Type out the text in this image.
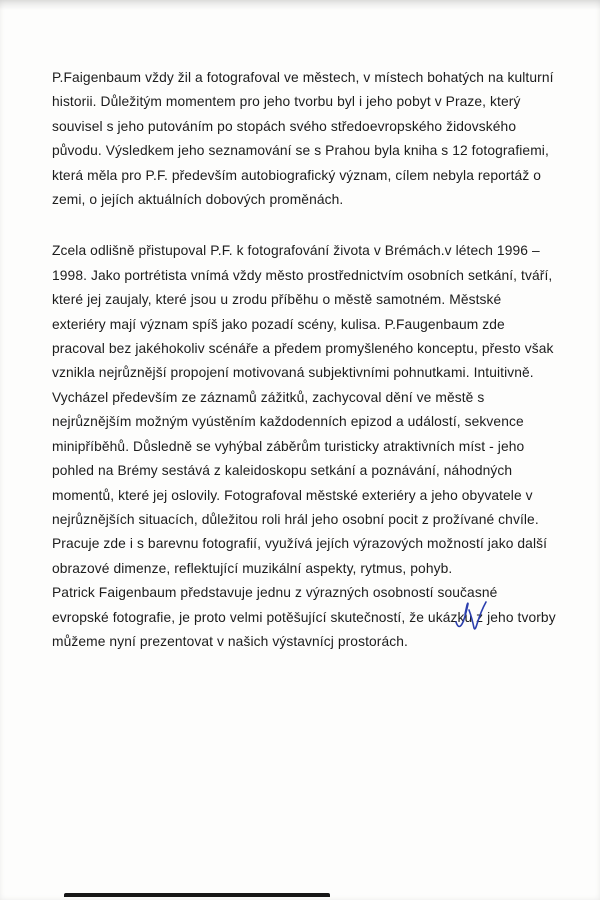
P.Faigenbaum vždy žil a fotografoval ve městech, v místech bohatých na kulturní historii. Důležitým momentem pro jeho tvorbu byl i jeho pobyt v Praze, který souvisel s jeho putováním po stopách svého středoevropského židovského původu. Výsledkem jeho seznamování se s Prahou byla kniha s 12 fotografiemi, která měla pro P.F. především autobiografický význam, cílem nebyla reportáž o zemi, o jejích aktuálních dobových proměnách.

Zcela odlišně přistupoval P.F. k fotografování života v Brémách.v létech 1996 – 1998. Jako portrétista vnímá vždy město prostřednictvím osobních setkání, tváří, které jej zaujaly, které jsou u zrodu příběhu o městě samotném. Městské exteriéry mají význam spíš jako pozadí scény, kulisa. P.Faugenbaum zde pracoval bez jakéhokoliv scénáře a předem promyšleného konceptu, přesto však vznikla nejrůznější propojení motivovaná subjektivními pohnutkami. Intuitivně. Vycházel především ze záznamů zážitků, zachycoval dění ve městě s nejrůznějším možným vyústěním každodenních epizod a událostí, sekvence minipříběhů. Důsledně se vyhýbal záběrům turisticky atraktivních míst - jeho pohled na Brémy sestává z kaleidoskopu setkání a poznávání, náhodných momentů, které jej oslovily. Fotografoval městské exteriéry a jeho obyvatele v nejrůznějších situacích, důležitou roli hrál jeho osobní pocit z prožívané chvíle. Pracuje zde i s barevnu fotografií, využívá jejích výrazových možností jako další obrazové dimenze, reflektující muzikální aspekty, rytmus, pohyb.

Patrick Faigenbaum představuje jednu z výrazných osobností současné evropské fotografie, je proto velmi potěšující skutečností, že ukázku z jeho tvorby můžeme nyní prezentovat v našich výstavnícj prostorách.
